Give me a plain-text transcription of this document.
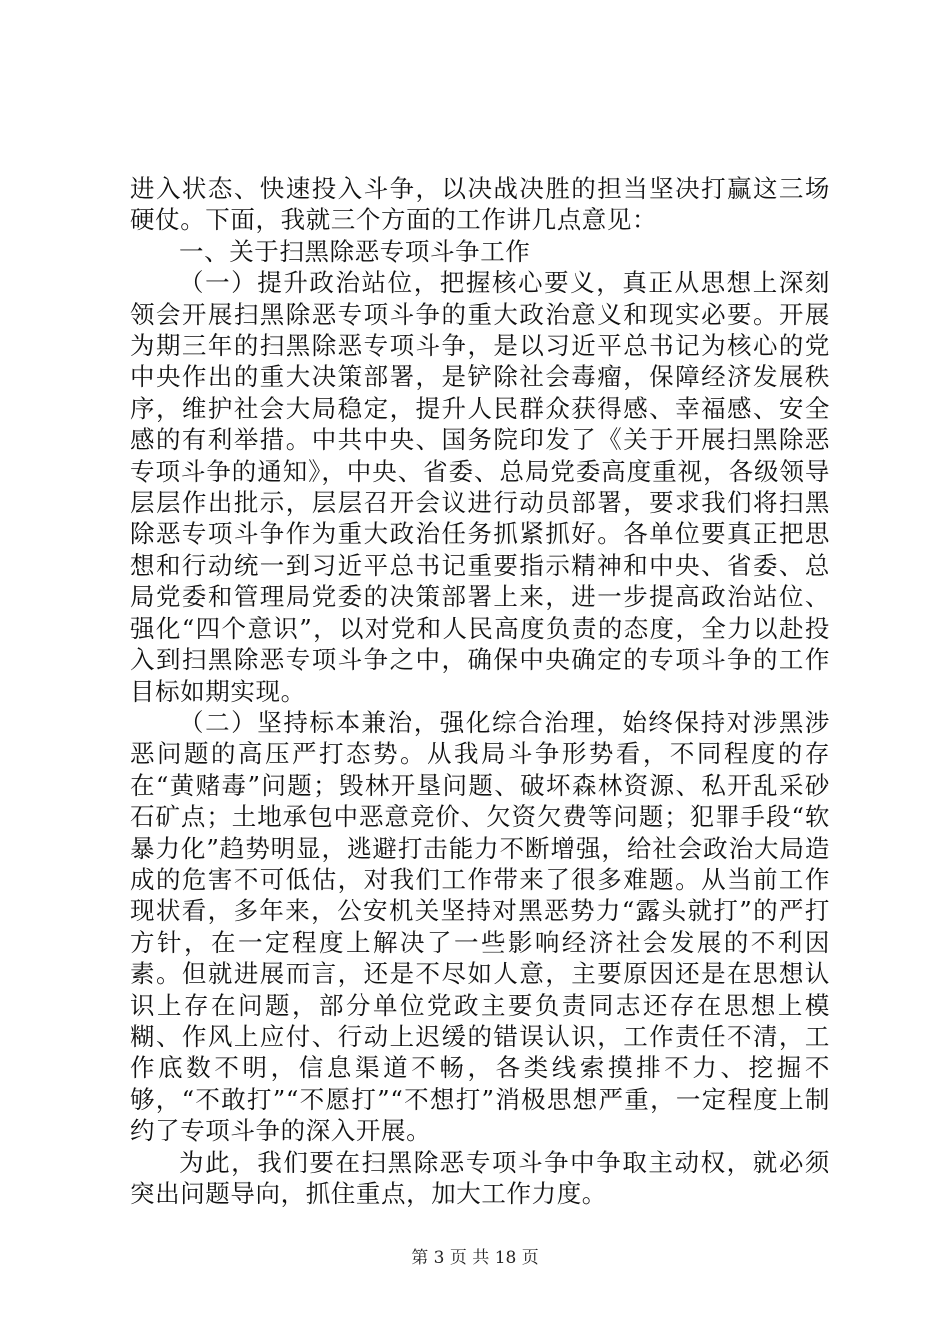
进入状态、快速投入斗争，以决战决胜的担当坚决打赢这三场硬仗。下面，我就三个方面的工作讲几点意见：

一、关于扫黑除恶专项斗争工作

（一）提升政治站位，把握核心要义，真正从思想上深刻领会开展扫黑除恶专项斗争的重大政治意义和现实必要。开展为期三年的扫黑除恶专项斗争，是以习近平总书记为核心的党中央作出的重大决策部署，是铲除社会毒瘤，保障经济发展秩序，维护社会大局稳定，提升人民群众获得感、幸福感、安全感的有利举措。中共中央、国务院印发了《关于开展扫黑除恶专项斗争的通知》，中央、省委、总局党委高度重视，各级领导层层作出批示，层层召开会议进行动员部署，要求我们将扫黑除恶专项斗争作为重大政治任务抓紧抓好。各单位要真正把思想和行动统一到习近平总书记重要指示精神和中央、省委、总局党委和管理局党委的决策部署上来，进一步提高政治站位、强化“四个意识”，以对党和人民高度负责的态度，全力以赴投入到扫黑除恶专项斗争之中，确保中央确定的专项斗争的工作目标如期实现。

（二）坚持标本兼治，强化综合治理，始终保持对涉黑涉恶问题的高压严打态势。从我局斗争形势看，不同程度的存在“黄赌毒”问题；毁林开垦问题、破坏森林资源、私开乱采砂石矿点；土地承包中恶意竞价、欠资欠费等问题；犯罪手段“软暴力化”趋势明显，逃避打击能力不断增强，给社会政治大局造成的危害不可低估，对我们工作带来了很多难题。从当前工作现状看，多年来，公安机关坚持对黑恶势力“露头就打”的严打方针，在一定程度上解决了一些影响经济社会发展的不利因素。但就进展而言，还是不尽如人意，主要原因还是在思想认识上存在问题，部分单位党政主要负责同志还存在思想上模糊、作风上应付、行动上迟缓的错误认识，工作责任不清，工作底数不明，信息渠道不畅，各类线索摸排不力、挖掘不够，“不敢打”“不愿打”“不想打”消极思想严重，一定程度上制约了专项斗争的深入开展。

为此，我们要在扫黑除恶专项斗争中争取主动权，就必须突出问题导向，抓住重点，加大工作力度。

第 3 页 共 18 页
